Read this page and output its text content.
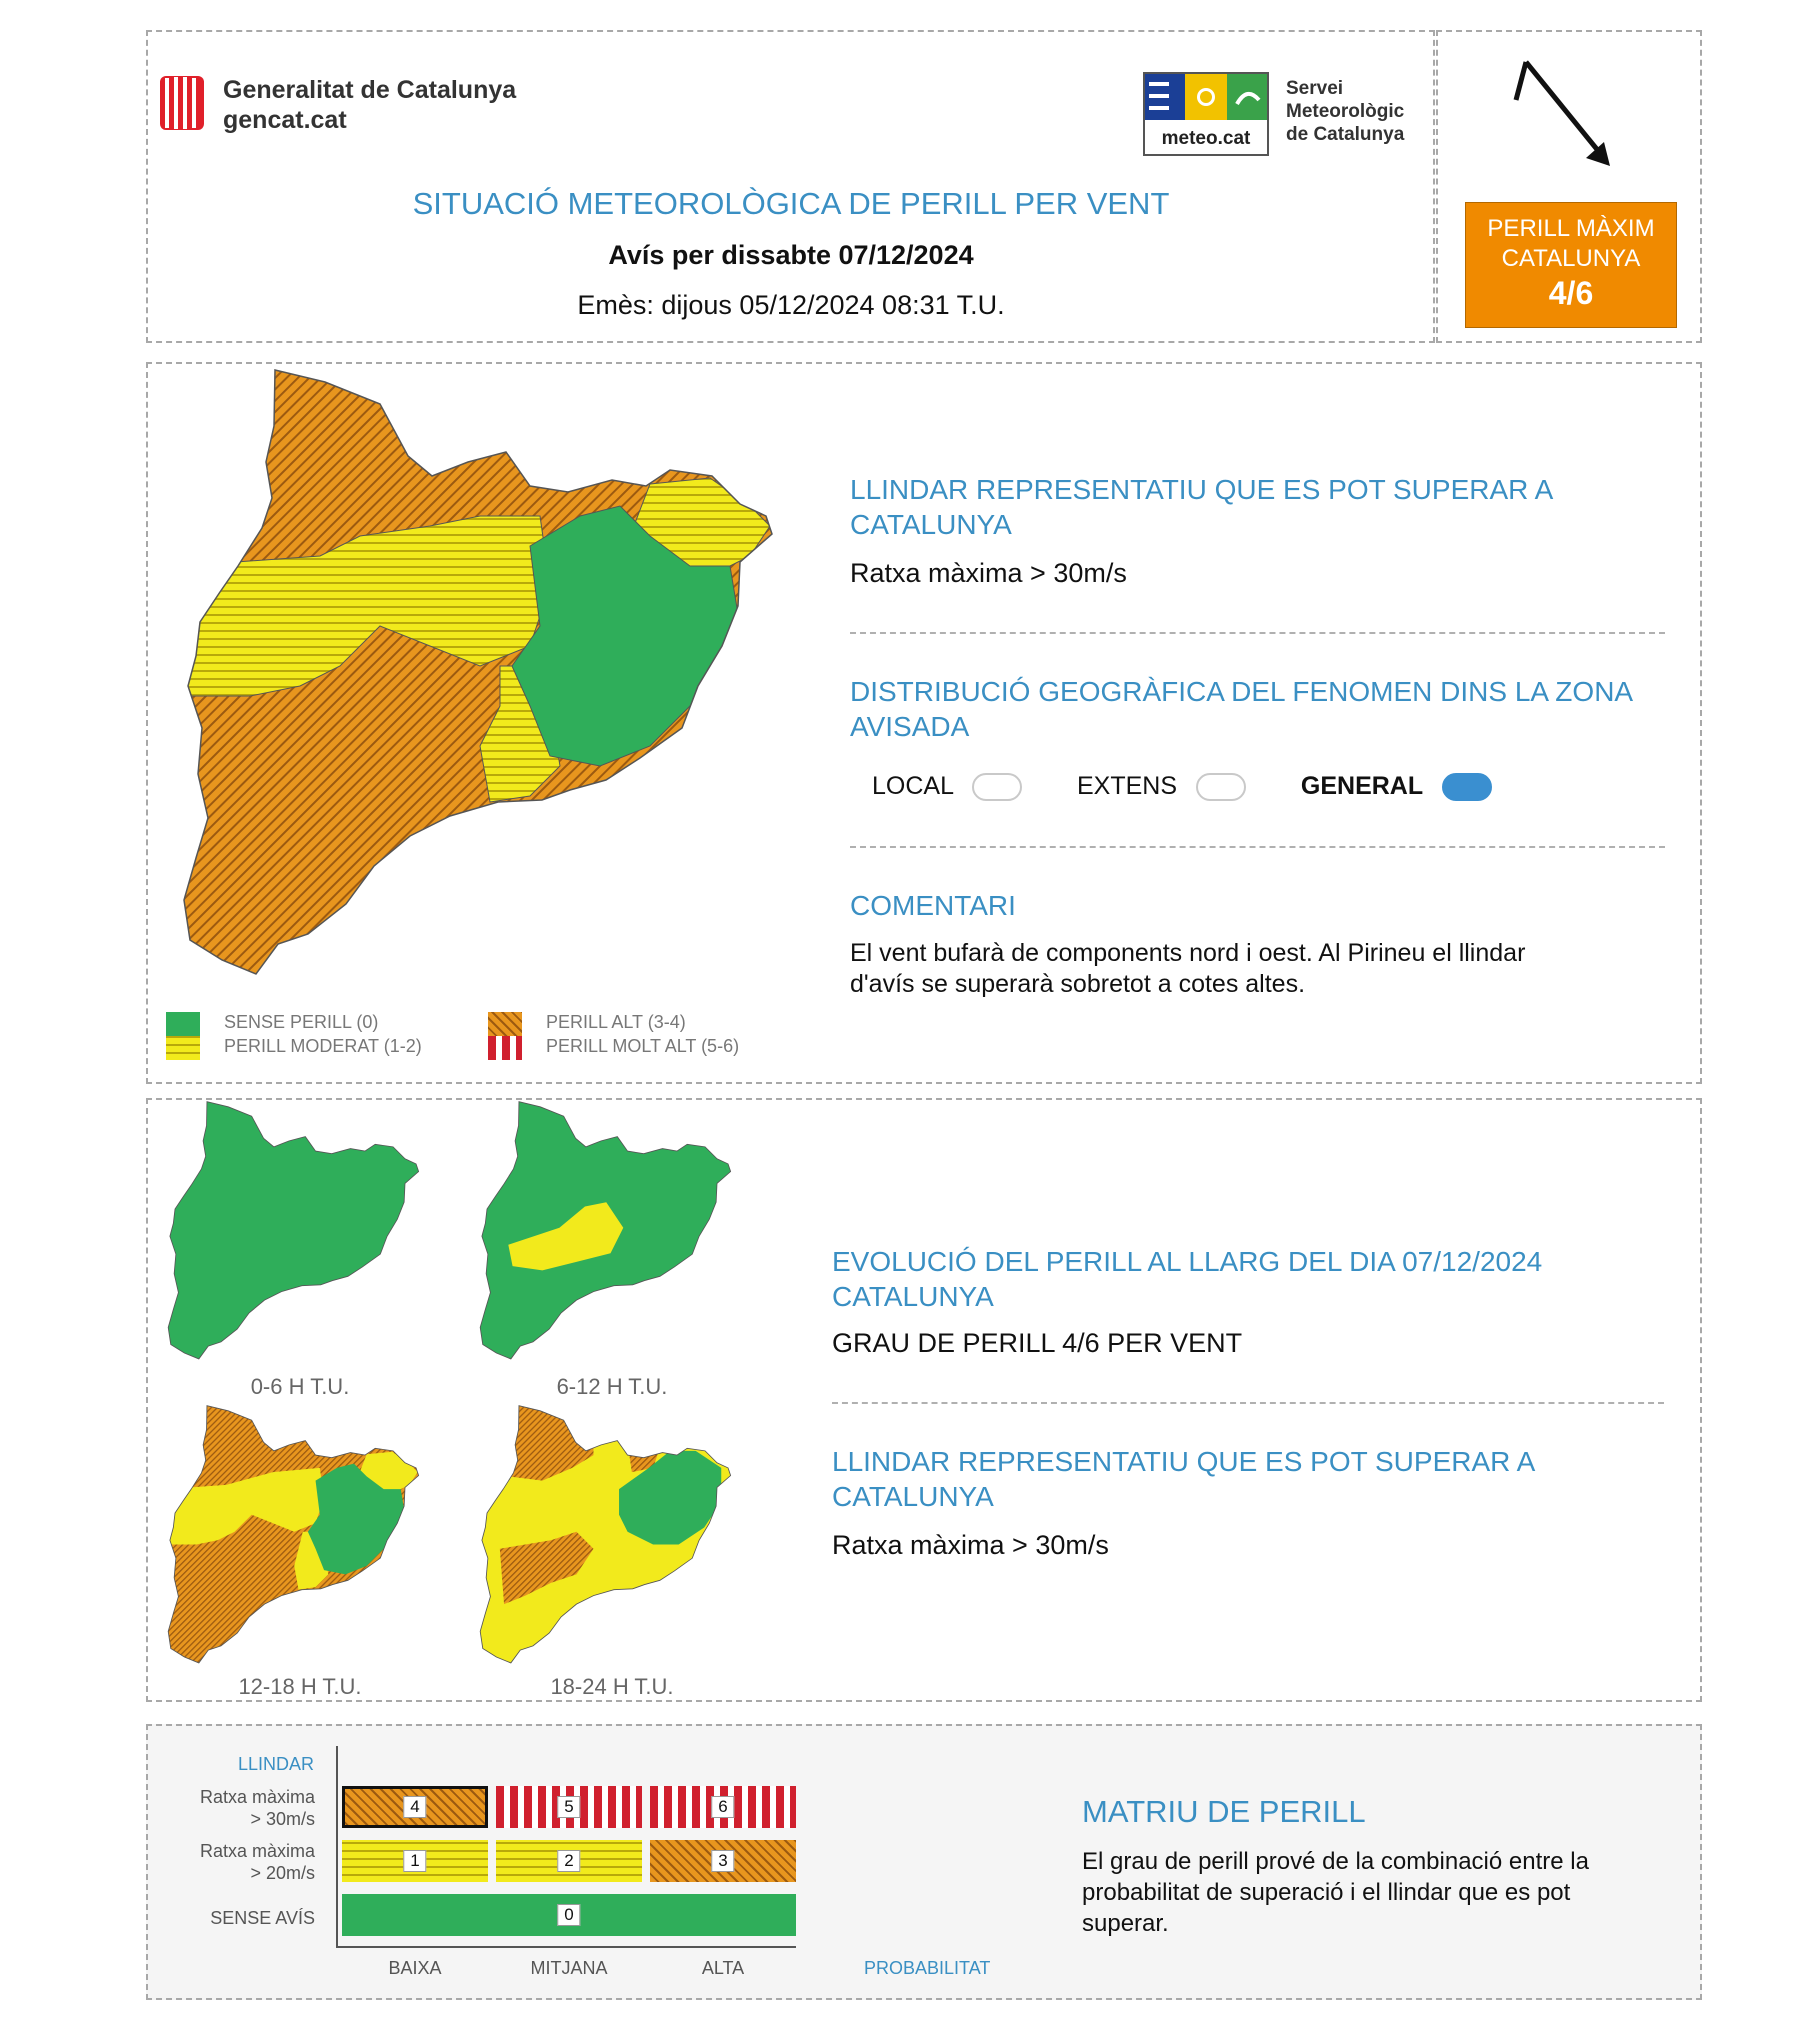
Generalitat de Catalunya
gencat.cat
meteo.cat
Servei
Meteorològic
de Catalunya
SITUACIÓ METEOROLÒGICA DE PERILL PER VENT
Avís per dissabte 07/12/2024
Emès: dijous 05/12/2024 08:31 T.U.
PERILL MÀXIM
CATALUNYA
4/6
SENSE PERILL (0)
PERILL MODERAT (1-2)
PERILL ALT (3-4)
PERILL MOLT ALT (5-6)
LLINDAR REPRESENTATIU QUE ES POT SUPERAR A CATALUNYA
Ratxa màxima > 30m/s
DISTRIBUCIÓ GEOGRÀFICA DEL FENOMEN DINS LA ZONA AVISADA
LOCAL	EXTENS	GENERAL
COMENTARI
El vent bufarà de components nord i oest. Al Pirineu el llindar d'avís se superarà sobretot a cotes altes.
0-6 H T.U.	6-12 H T.U.
12-18 H T.U.	18-24 H T.U.
EVOLUCIÓ DEL PERILL AL LLARG DEL DIA 07/12/2024
CATALUNYA
GRAU DE PERILL 4/6 PER VENT
LLINDAR REPRESENTATIU QUE ES POT SUPERAR A CATALUNYA
Ratxa màxima > 30m/s
LLINDAR
Ratxa màxima
> 30m/s
Ratxa màxima
> 20m/s
SENSE AVÍS
4	5	6
1	2	3
0
BAIXA	MITJANA	ALTA	PROBABILITAT
MATRIU DE PERILL
El grau de perill prové de la combinació entre la probabilitat de superació i el llindar que es pot superar.
